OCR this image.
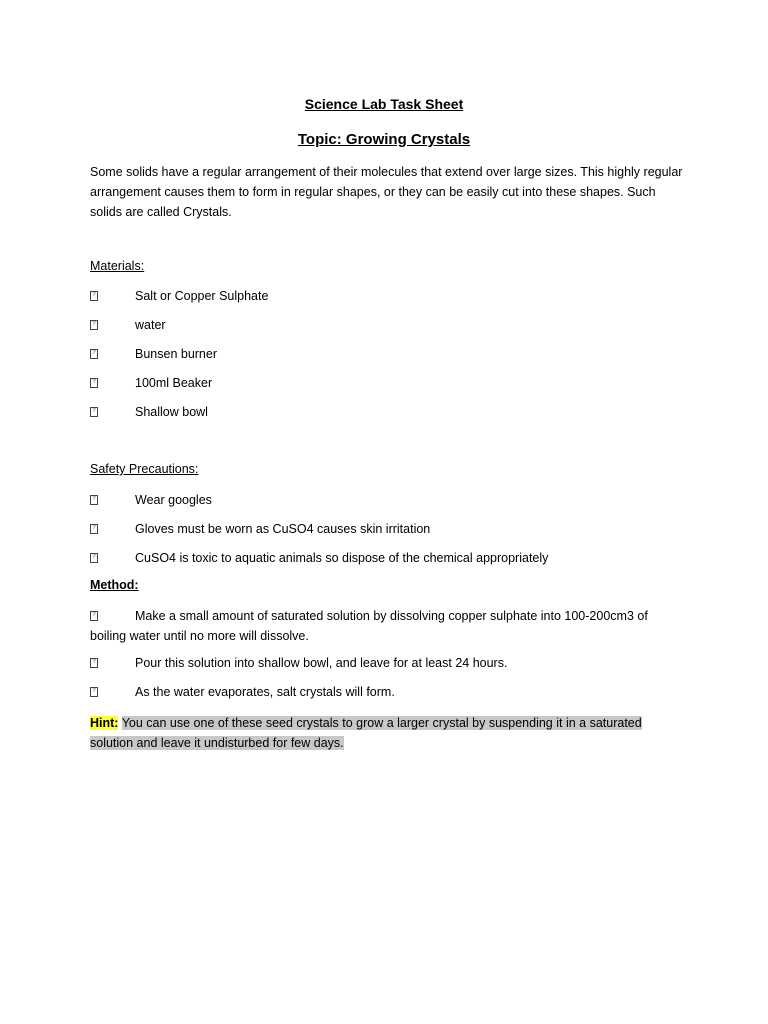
Science Lab Task Sheet
Topic: Growing Crystals

Some solids have a regular arrangement of their molecules that extend over large sizes. This highly regular arrangement causes them to form in regular shapes, or they can be easily cut into these shapes. Such solids are called Crystals.

Materials:

?	Salt or Copper Sulphate
?	water
?	Bunsen burner
?	100ml Beaker
?	Shallow bowl

Safety Precautions:

?	Wear googles
?	Gloves must be worn as CuSO4 causes skin irritation
?	CuSO4 is toxic to aquatic animals so dispose of the chemical appropriately

Method:

?	Make a small amount of saturated solution by dissolving copper sulphate into 100-200cm3 of boiling water until no more will dissolve.
?	Pour this solution into shallow bowl, and leave for at least 24 hours.
?	As the water evaporates, salt crystals will form.

Hint: You can use one of these seed crystals to grow a larger crystal by suspending it in a saturated solution and leave it undisturbed for few days.
